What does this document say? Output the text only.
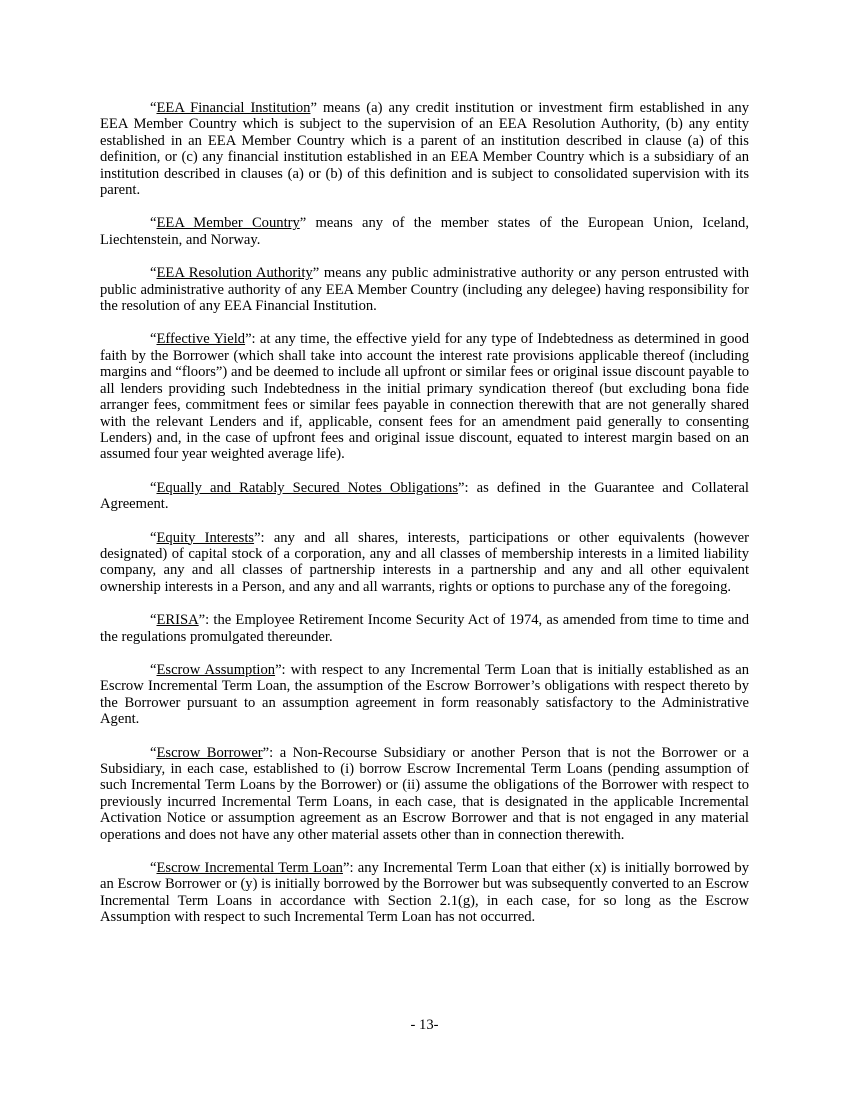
“EEA Financial Institution” means (a) any credit institution or investment firm established in any EEA Member Country which is subject to the supervision of an EEA Resolution Authority, (b) any entity established in an EEA Member Country which is a parent of an institution described in clause (a) of this definition, or (c) any financial institution established in an EEA Member Country which is a subsidiary of an institution described in clauses (a) or (b) of this definition and is subject to consolidated supervision with its parent.

“EEA Member Country” means any of the member states of the European Union, Iceland, Liechtenstein, and Norway.

“EEA Resolution Authority” means any public administrative authority or any person entrusted with public administrative authority of any EEA Member Country (including any delegee) having responsibility for the resolution of any EEA Financial Institution.

“Effective Yield”: at any time, the effective yield for any type of Indebtedness as determined in good faith by the Borrower (which shall take into account the interest rate provisions applicable thereof (including margins and “floors”) and be deemed to include all upfront or similar fees or original issue discount payable to all lenders providing such Indebtedness in the initial primary syndication thereof (but excluding bona fide arranger fees, commitment fees or similar fees payable in connection therewith that are not generally shared with the relevant Lenders and if, applicable, consent fees for an amendment paid generally to consenting Lenders) and, in the case of upfront fees and original issue discount, equated to interest margin based on an assumed four year weighted average life).

“Equally and Ratably Secured Notes Obligations”: as defined in the Guarantee and Collateral Agreement.

“Equity Interests”: any and all shares, interests, participations or other equivalents (however designated) of capital stock of a corporation, any and all classes of membership interests in a limited liability company, any and all classes of partnership interests in a partnership and any and all other equivalent ownership interests in a Person, and any and all warrants, rights or options to purchase any of the foregoing.

“ERISA”: the Employee Retirement Income Security Act of 1974, as amended from time to time and the regulations promulgated thereunder.

“Escrow Assumption”: with respect to any Incremental Term Loan that is initially established as an Escrow Incremental Term Loan, the assumption of the Escrow Borrower’s obligations with respect thereto by the Borrower pursuant to an assumption agreement in form reasonably satisfactory to the Administrative Agent.

“Escrow Borrower”: a Non-Recourse Subsidiary or another Person that is not the Borrower or a Subsidiary, in each case, established to (i) borrow Escrow Incremental Term Loans (pending assumption of such Incremental Term Loans by the Borrower) or (ii) assume the obligations of the Borrower with respect to previously incurred Incremental Term Loans, in each case, that is designated in the applicable Incremental Activation Notice or assumption agreement as an Escrow Borrower and that is not engaged in any material operations and does not have any other material assets other than in connection therewith.

“Escrow Incremental Term Loan”: any Incremental Term Loan that either (x) is initially borrowed by an Escrow Borrower or (y) is initially borrowed by the Borrower but was subsequently converted to an Escrow Incremental Term Loans in accordance with Section 2.1(g), in each case, for so long as the Escrow Assumption with respect to such Incremental Term Loan has not occurred.

- 13-
